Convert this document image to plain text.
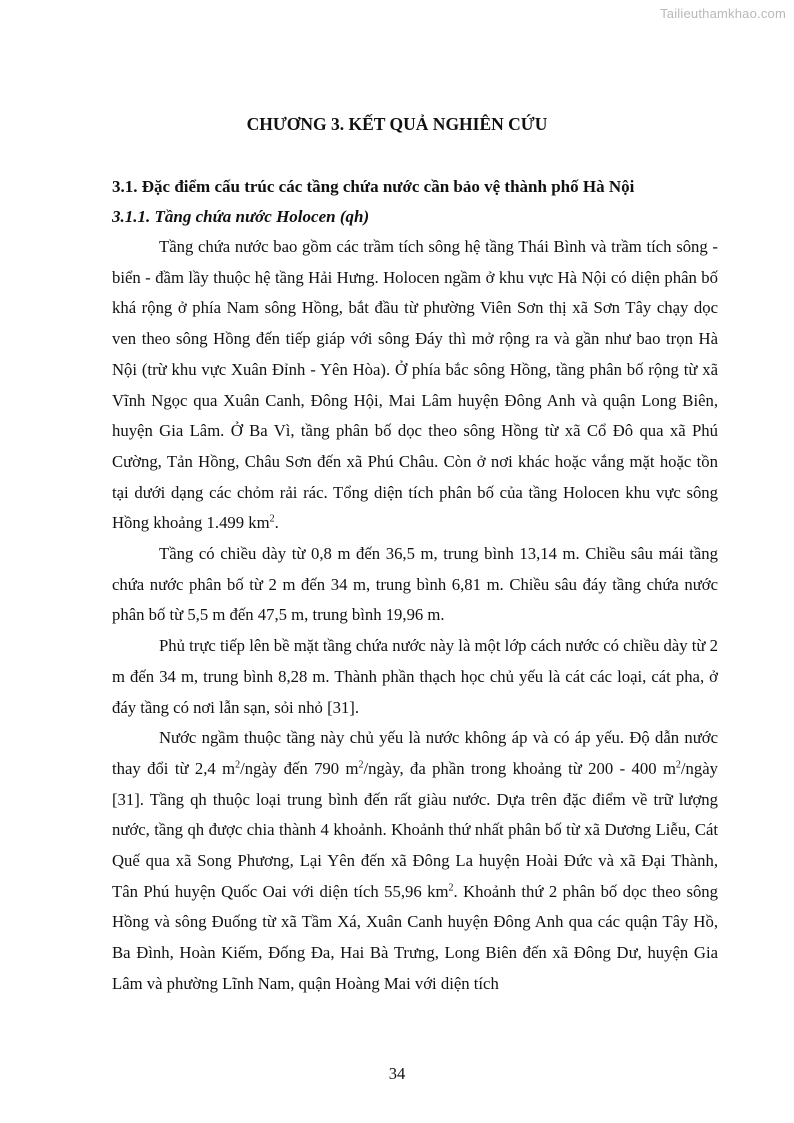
Tailieuthamkhao.com
CHƯƠNG 3. KẾT QUẢ NGHIÊN CỨU
3.1. Đặc điểm cấu trúc các tầng chứa nước cần bảo vệ thành phố Hà Nội
3.1.1. Tầng chứa nước Holocen (qh)

Tầng chứa nước bao gồm các trầm tích sông hệ tầng Thái Bình và trầm tích sông - biển - đầm lầy thuộc hệ tầng Hải Hưng. Holocen ngầm ở khu vực Hà Nội có diện phân bố khá rộng ở phía Nam sông Hồng, bắt đầu từ phường Viên Sơn thị xã Sơn Tây chạy dọc ven theo sông Hồng đến tiếp giáp với sông Đáy thì mở rộng ra và gần như bao trọn Hà Nội (trừ khu vực Xuân Đỉnh - Yên Hòa). Ở phía bắc sông Hồng, tầng phân bố rộng từ xã Vĩnh Ngọc qua Xuân Canh, Đông Hội, Mai Lâm huyện Đông Anh và quận Long Biên, huyện Gia Lâm. Ở Ba Vì, tầng phân bố dọc theo sông Hồng từ xã Cổ Đô qua xã Phú Cường, Tản Hồng, Châu Sơn đến xã Phú Châu. Còn ở nơi khác hoặc vắng mặt hoặc tồn tại dưới dạng các chỏm rải rác. Tổng diện tích phân bố của tầng Holocen khu vực sông Hồng khoảng 1.499 $km^2$.

Tầng có chiều dày từ 0,8 m đến 36,5 m, trung bình 13,14 m. Chiều sâu mái tầng chứa nước phân bố từ 2 m đến 34 m, trung bình 6,81 m. Chiều sâu đáy tầng chứa nước phân bố từ 5,5 m đến 47,5 m, trung bình 19,96 m.

Phủ trực tiếp lên bề mặt tầng chứa nước này là một lớp cách nước có chiều dày từ 2 m đến 34 m, trung bình 8,28 m. Thành phần thạch học chủ yếu là cát các loại, cát pha, ở đáy tầng có nơi lẫn sạn, sỏi nhỏ [31].

Nước ngầm thuộc tầng này chủ yếu là nước không áp và có áp yếu. Độ dẫn nước thay đổi từ 2,4 $m^2$/ngày đến 790 $m^2$/ngày, đa phần trong khoảng từ 200 - 400 $m^2$/ngày [31]. Tầng qh thuộc loại trung bình đến rất giàu nước. Dựa trên đặc điểm về trữ lượng nước, tầng qh được chia thành 4 khoảnh. Khoảnh thứ nhất phân bố từ xã Dương Liễu, Cát Quế qua xã Song Phương, Lại Yên đến xã Đông La huyện Hoài Đức và xã Đại Thành, Tân Phú huyện Quốc Oai với diện tích 55,96 $km^2$. Khoảnh thứ 2 phân bố dọc theo sông Hồng và sông Đuống từ xã Tầm Xá, Xuân Canh huyện Đông Anh qua các quận Tây Hồ, Ba Đình, Hoàn Kiếm, Đống Đa, Hai Bà Trưng, Long Biên đến xã Đông Dư, huyện Gia Lâm và phường Lĩnh Nam, quận Hoàng Mai với diện tích

34
